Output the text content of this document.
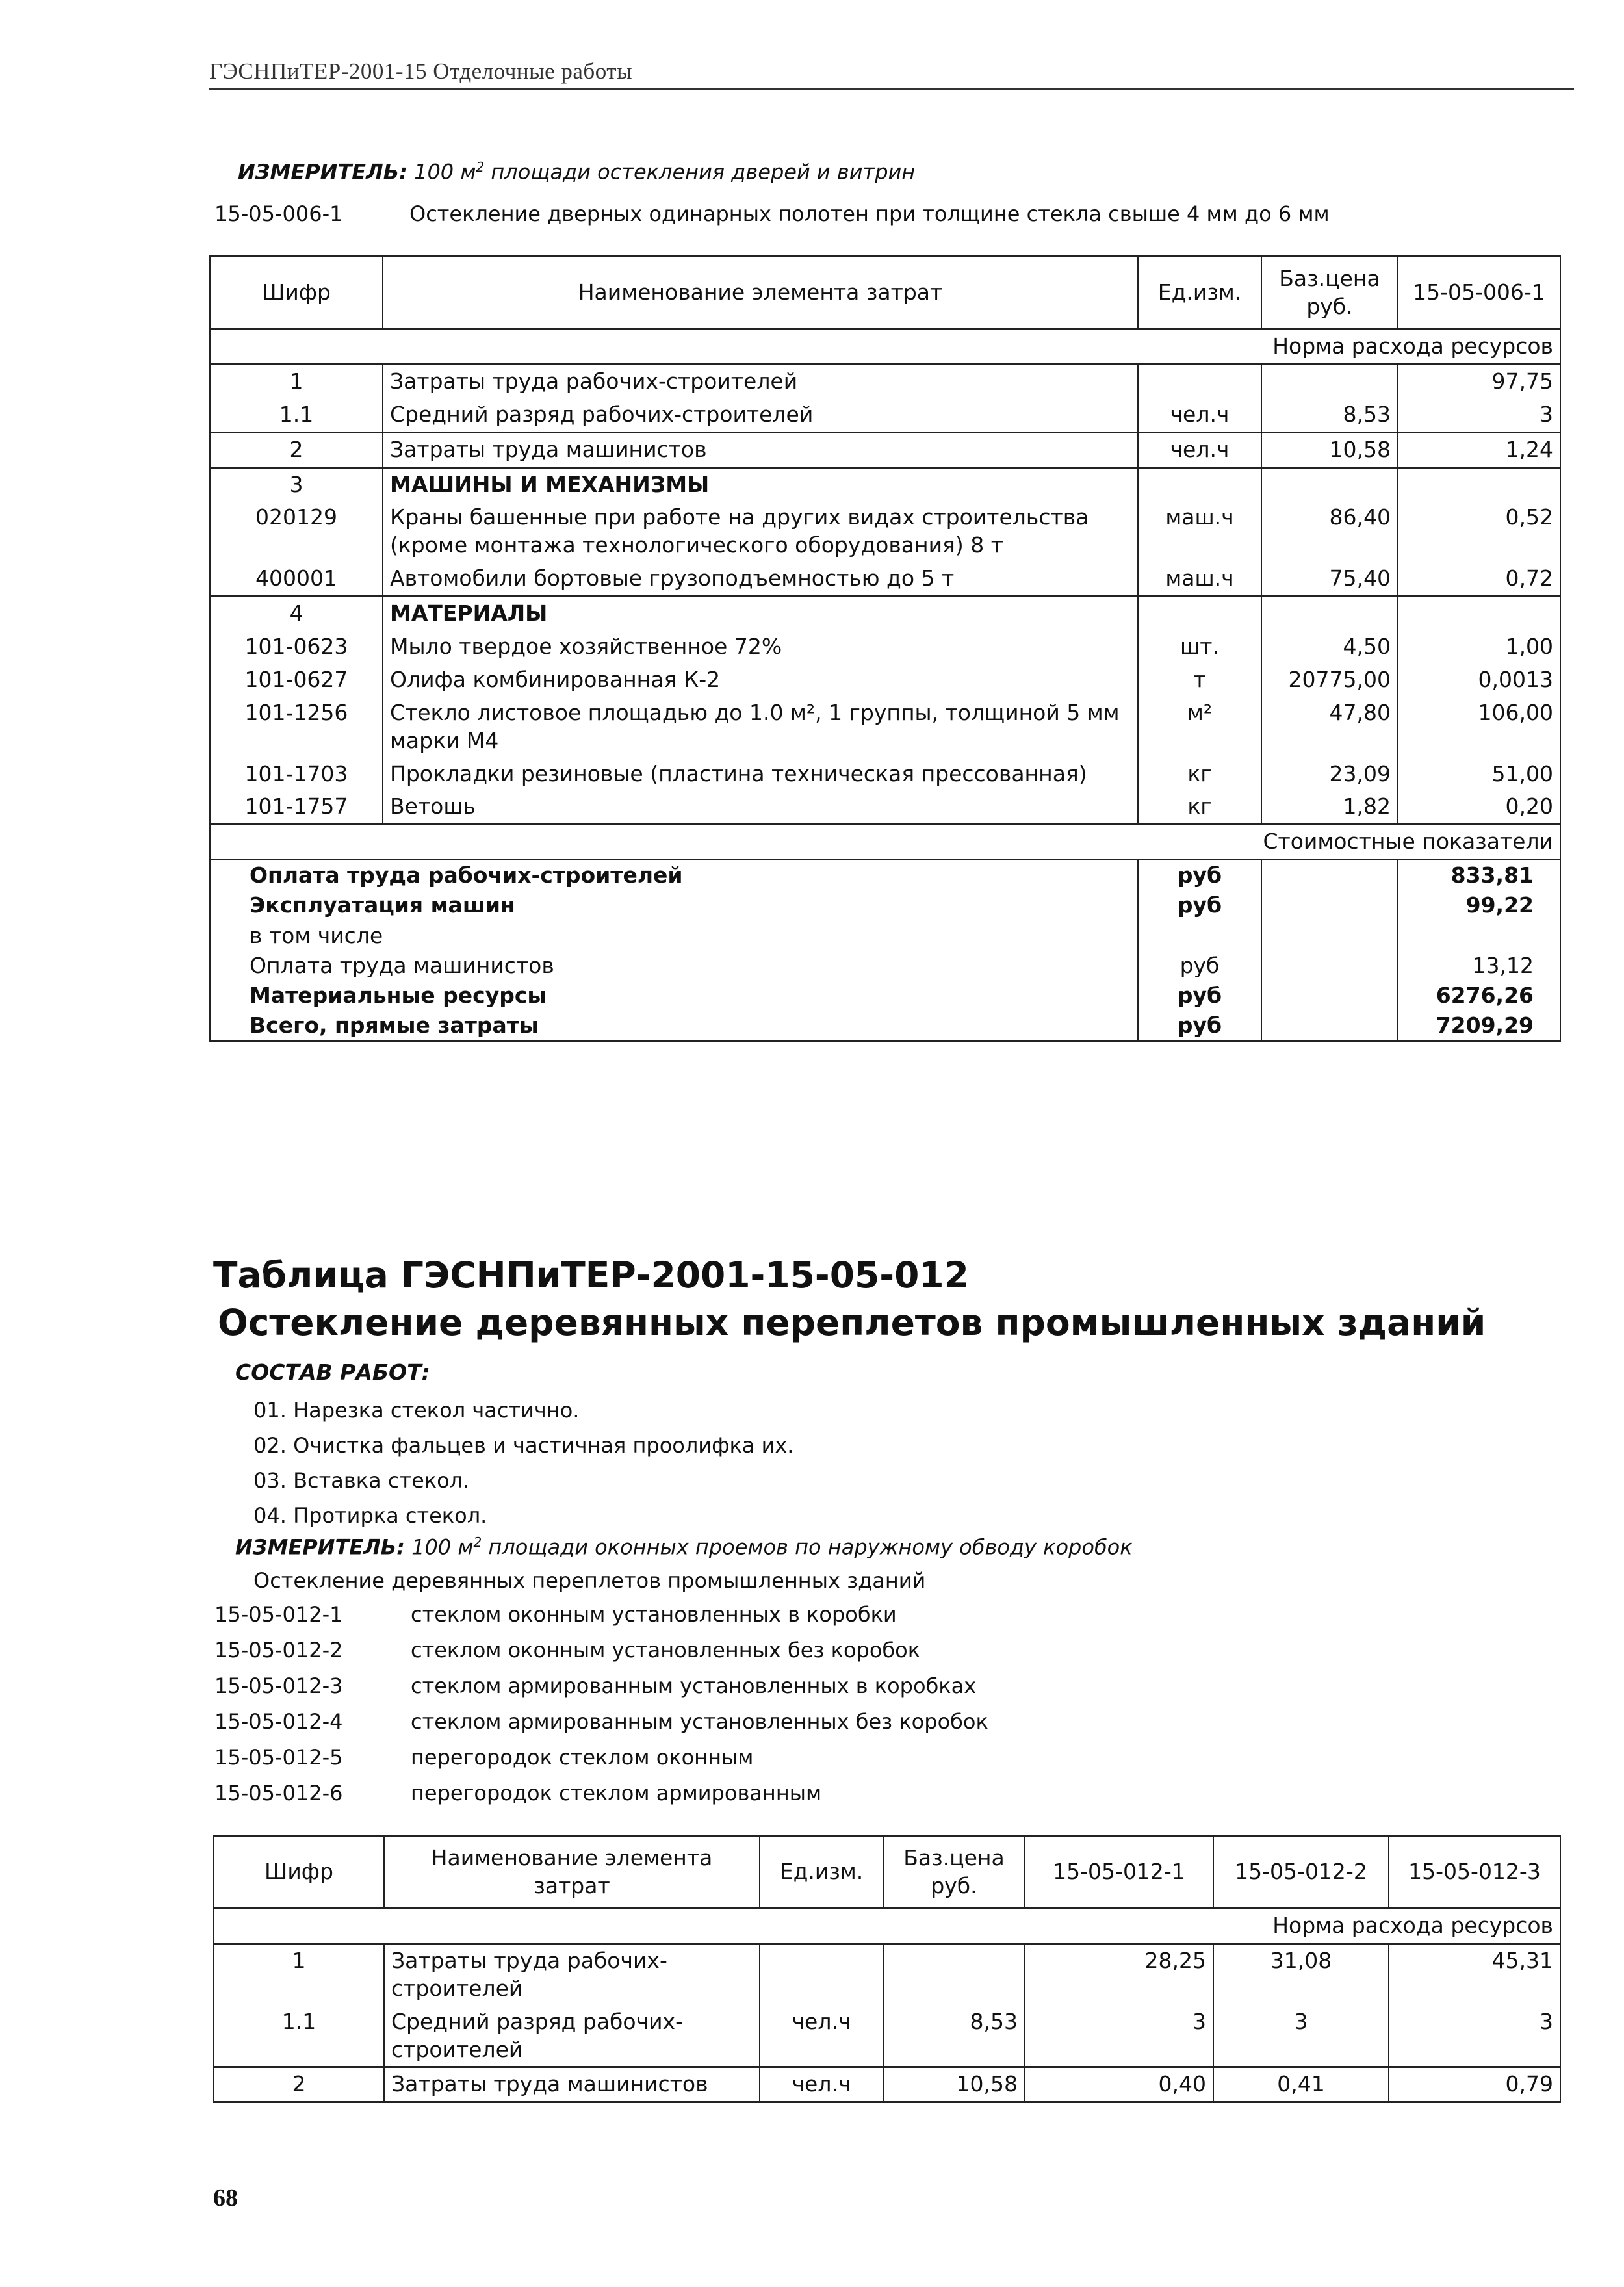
ГЭСНПиТЕР-2001-15 Отделочные работы
ИЗМЕРИТЕЛЬ: 100 $м^2$ площади остекления дверей и витрин
15-05-006-1	Остекление дверных одинарных полотен при толщине стекла свыше 4 мм до 6 мм
Шифр	Наименование элемента затрат	Ед.изм.	Баз.цена руб.	15-05-006-1
Норма расхода ресурсов				
1	Затраты труда рабочих-строителей			97,75
1.1	Средний разряд рабочих-строителей	чел.ч	8,53	3
2	Затраты труда машинистов	чел.ч	10,58	1,24
3	МАШИНЫ И МЕХАНИЗМЫ			
020129	Краны башенные при работе на других видах строительства (кроме монтажа технологического оборудования) 8 т	маш.ч	86,40	0,52
400001	Автомобили бортовые грузоподъемностью до 5 т	маш.ч	75,40	0,72
4	МАТЕРИАЛЫ			
101-0623	Мыло твердое хозяйственное 72%	шт.	4,50	1,00
101-0627	Олифа комбинированная К-2	т	20775,00	0,0013
101-1256	Стекло листовое площадью до 1.0 м², 1 группы, толщиной 5 мм марки М4	м²	47,80	106,00
101-1703	Прокладки резиновые (пластина техническая прессованная)	кг	23,09	51,00
101-1757	Ветошь	кг	1,82	0,20
Стоимостные показатели				
Оплата труда рабочих-строителей		руб		833,81
Эксплуатация машин		руб		99,22
в том числе				
Оплата труда машинистов		руб		13,12
Материальные ресурсы		руб		6276,26
Всего, прямые затраты		руб		7209,29
Таблица ГЭСНПиТЕР-2001-15-05-012
Остекление деревянных переплетов промышленных зданий
СОСТАВ РАБОТ:
01. Нарезка стекол частично.
02. Очистка фальцев и частичная проолифка их.
03. Вставка стекол.
04. Протирка стекол.
ИЗМЕРИТЕЛЬ: 100 $м^2$ площади оконных проемов по наружному обводу коробок
Остекление деревянных переплетов промышленных зданий
15-05-012-1	стеклом оконным установленных в коробки
15-05-012-2	стеклом оконным установленных без коробок
15-05-012-3	стеклом армированным установленных в коробках
15-05-012-4	стеклом армированным установленных без коробок
15-05-012-5	перегородок стеклом оконным
15-05-012-6	перегородок стеклом армированным
Шифр	Наименование элемента затрат	Ед.изм.	Баз.цена руб.	15-05-012-1	15-05-012-2	15-05-012-3
Норма расхода ресурсов						
1	Затраты труда рабочих-строителей			28,25	31,08	45,31
1.1	Средний разряд рабочих-строителей	чел.ч	8,53	3	3	3
2	Затраты труда машинистов	чел.ч	10,58	0,40	0,41	0,79
68
